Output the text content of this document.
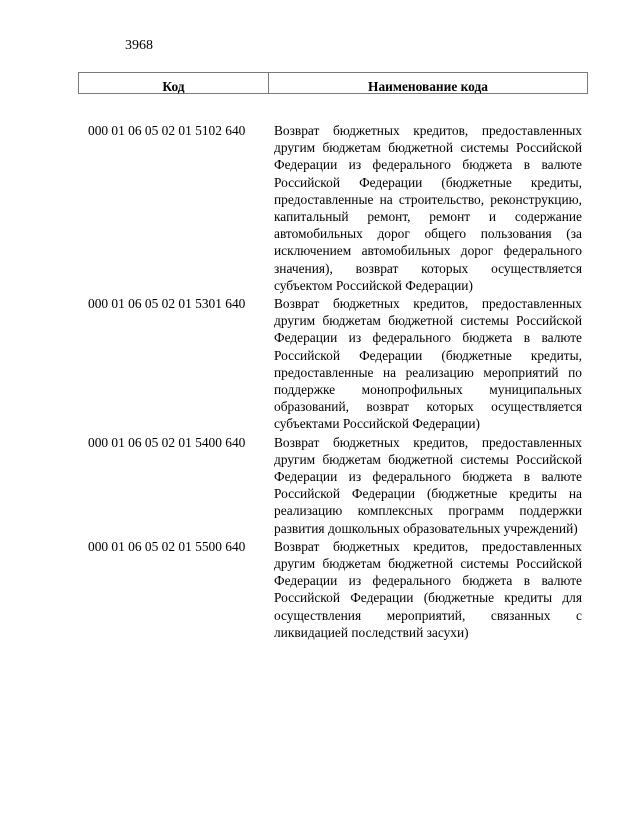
3968
Код	Наименование кода
000 01 06 05 02 01 5102 640	Возврат бюджетных кредитов, предоставленных другим бюджетам бюджетной системы Российской Федерации из федерального бюджета в валюте Российской Федерации (бюджетные кредиты, предоставленные на строительство, реконструкцию, капитальный ремонт, ремонт и содержание автомобильных дорог общего пользования (за исключением автомобильных дорог федерального значения), возврат которых осуществляется субъектом Российской Федерации)
000 01 06 05 02 01 5301 640	Возврат бюджетных кредитов, предоставленных другим бюджетам бюджетной системы Российской Федерации из федерального бюджета в валюте Российской Федерации (бюджетные кредиты, предоставленные на реализацию мероприятий по поддержке монопрофильных муниципальных образований, возврат которых осуществляется субъектами Российской Федерации)
000 01 06 05 02 01 5400 640	Возврат бюджетных кредитов, предоставленных другим бюджетам бюджетной системы Российской Федерации из федерального бюджета в валюте Российской Федерации (бюджетные кредиты на реализацию комплексных программ поддержки развития дошкольных образовательных учреждений)
000 01 06 05 02 01 5500 640	Возврат бюджетных кредитов, предоставленных другим бюджетам бюджетной системы Российской Федерации из федерального бюджета в валюте Российской Федерации (бюджетные кредиты для осуществления мероприятий, связанных с ликвидацией последствий засухи)
